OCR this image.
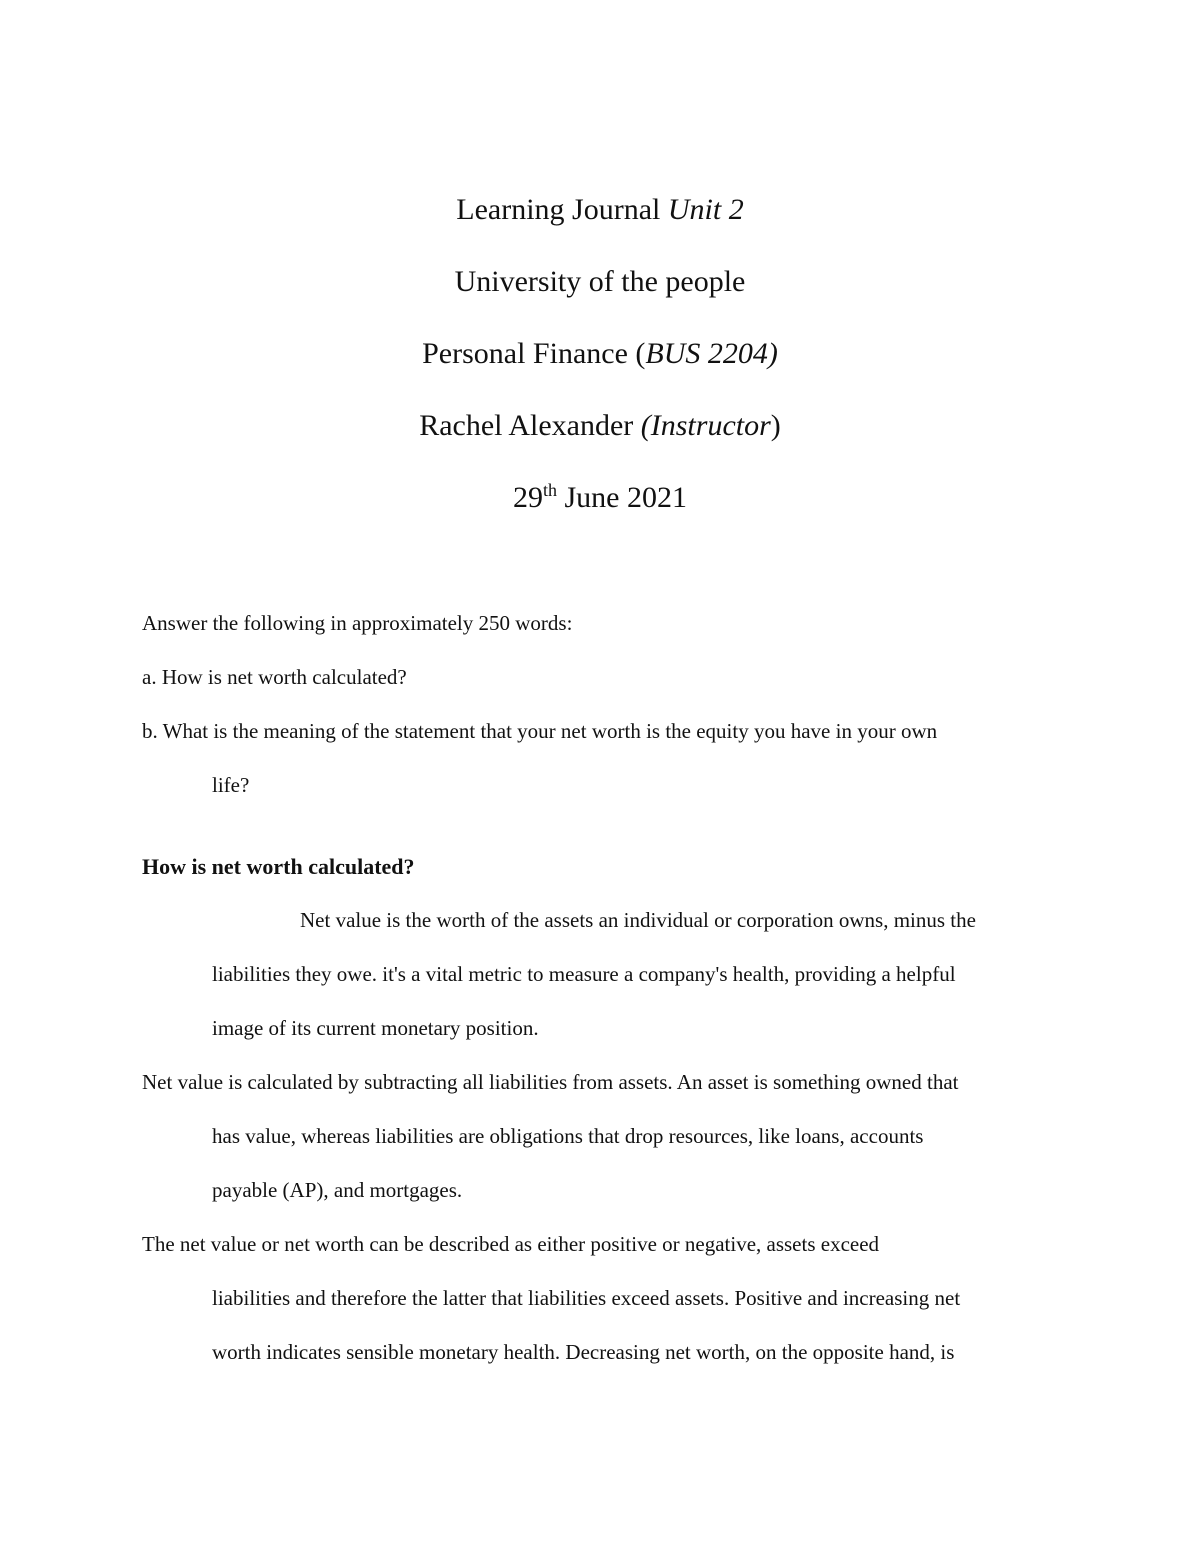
Learning Journal Unit 2

University of the people

Personal Finance (BUS 2204)

Rachel Alexander (Instructor)

29th June 2021

Answer the following in approximately 250 words:

a. How is net worth calculated?

b. What is the meaning of the statement that your net worth is the equity you have in your own

life?

How is net worth calculated?

Net value is the worth of the assets an individual or corporation owns, minus the

liabilities they owe. it's a vital metric to measure a company's health, providing a helpful

image of its current monetary position.

Net value is calculated by subtracting all liabilities from assets. An asset is something owned that

has value, whereas liabilities are obligations that drop resources, like loans, accounts

payable (AP), and mortgages.

The net value or net worth can be described as either positive or negative, assets exceed

liabilities and therefore the latter that liabilities exceed assets. Positive and increasing net

worth indicates sensible monetary health. Decreasing net worth, on the opposite hand, is
